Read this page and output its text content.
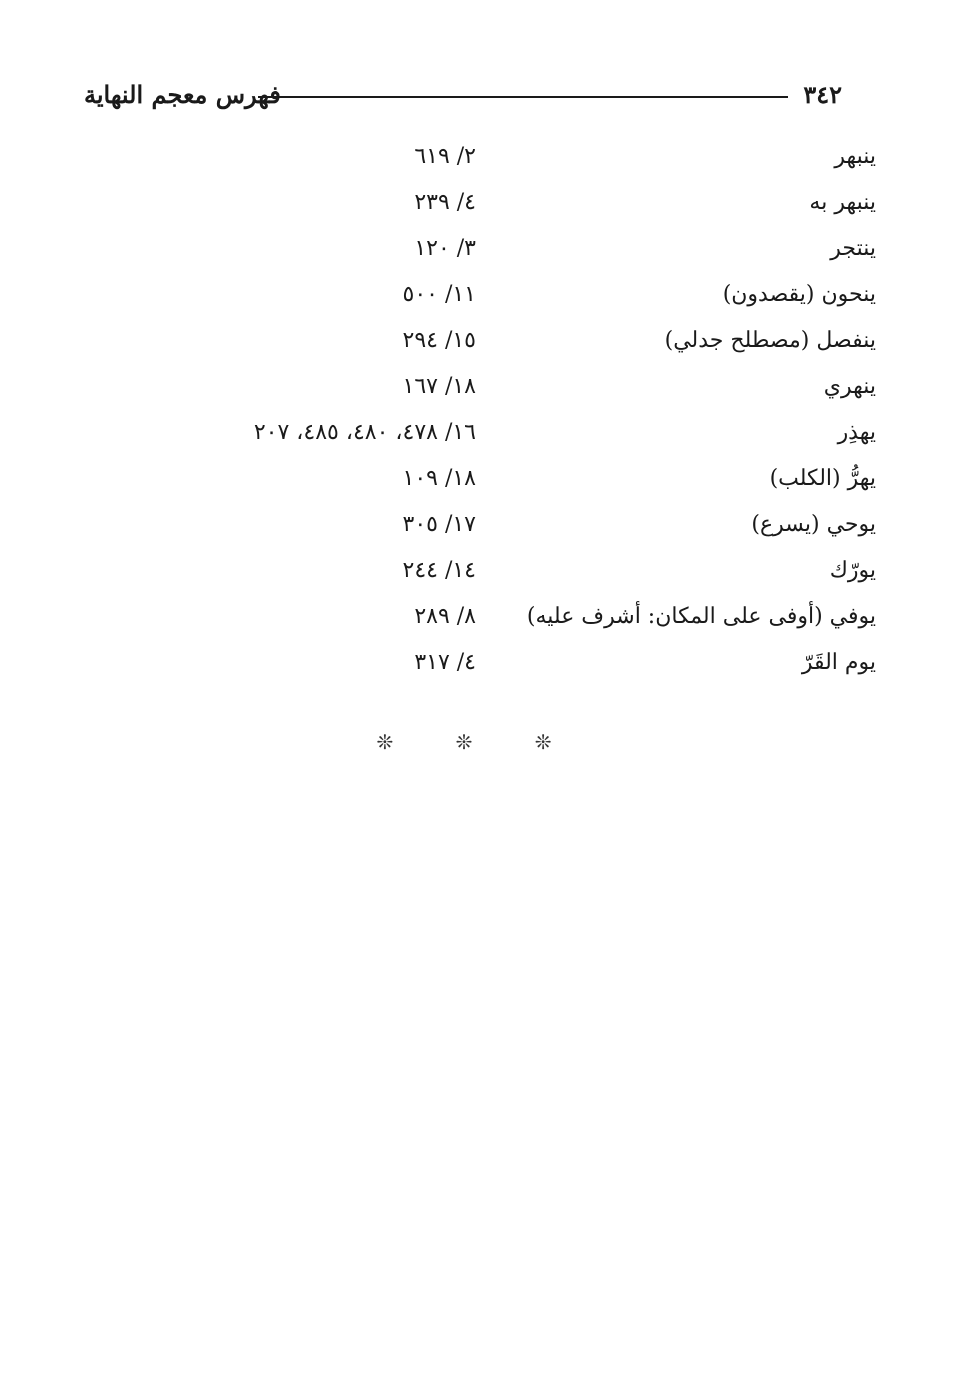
٣٤٢
فهرس معجم النهاية
ينبهر
٢/ ٦١٩
ينبهر به
٤/ ٢٣٩
ينتجر
٣/ ١٢٠
ينحون (يقصدون)
١١/ ٥٠٠
ينفصل (مصطلح جدلي)
١٥/ ٢٩٤
ينهري
١٨/ ١٦٧
يهذِر
١٦/ ٤٧٨، ٤٨٠، ٤٨٥، ٢٠٧
يهرُّ (الكلب)
١٨/ ١٠٩
يوحي (يسرع)
١٧/ ٣٠٥
يورّك
١٤/ ٢٤٤
يوفي (أوفى على المكان: أشرف عليه)
٨/ ٢٨٩
يوم القَرّ
٤/ ٣١٧
❊ ❊ ❊
